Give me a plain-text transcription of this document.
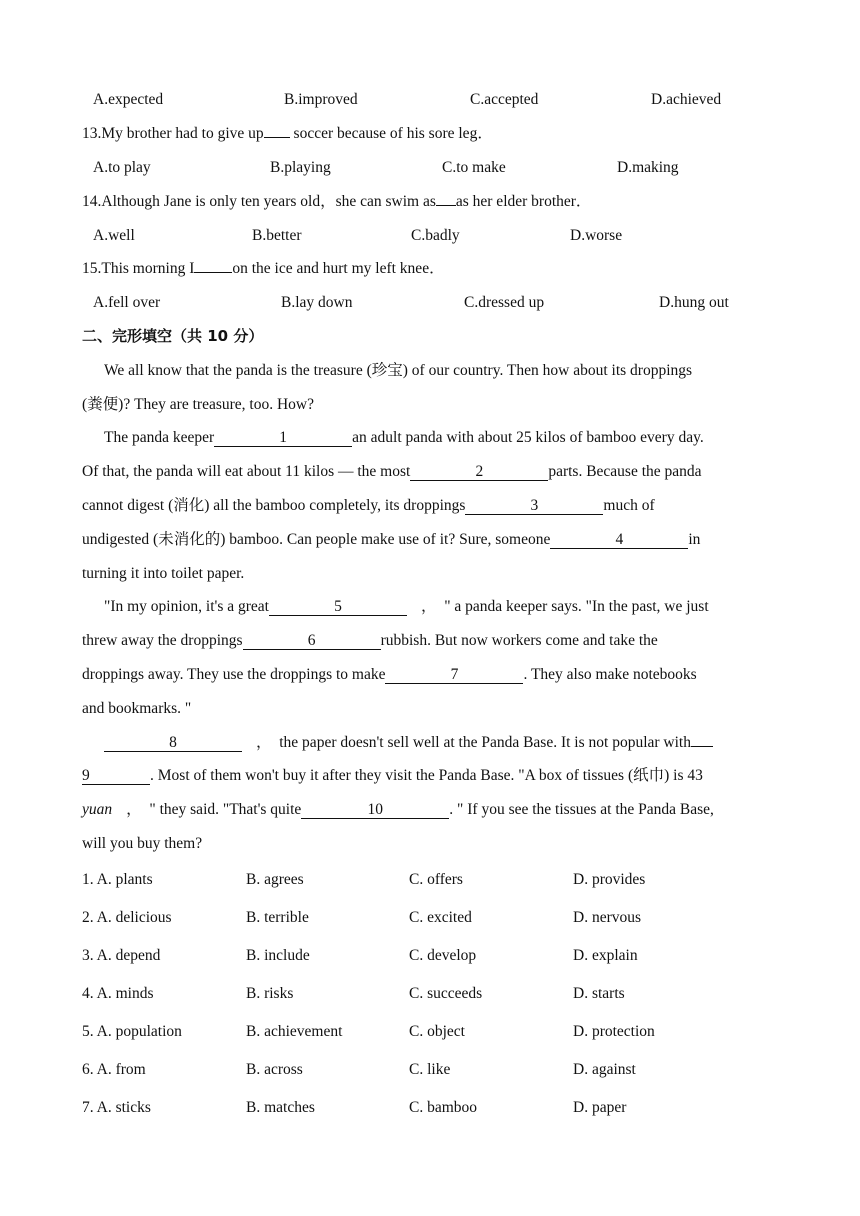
A.expected	B.improved	C.accepted	D.achieved
13.My brother had to give up soccer because of his sore leg．
A.to play	B.playing	C.to make	D.making
14.Although Jane is only ten years old，she can swim as as her elder brother．
A.well	B.better	C.badly	D.worse
15.This morning I on the ice and hurt my left knee．
A.fell over	B.lay down	C.dressed up	D.hung out
二、完形填空（共 10 分）
We all know that the panda is the treasure (珍宝) of our country. Then how about its droppings
(粪便)? They are treasure, too. How?
The panda keeper	1	an adult panda with about 25 kilos of bamboo every day.
Of that, the panda will eat about 11 kilos — the most	2	parts. Because the panda
cannot digest (消化) all the bamboo completely, its droppings	3	much of
undigested (未消化的) bamboo. Can people make use of it? Sure, someone	4	in
turning it into toilet paper.
"In my opinion, it's a great	5	，　" a panda keeper says. "In the past, we just
threw away the droppings	6	rubbish. But now workers come and take the
droppings away. They use the droppings to make	7	. They also make notebooks
and bookmarks. "
8	，　the paper doesn't sell well at the Panda Base. It is not popular with
9	. Most of them won't buy it after they visit the Panda Base. "A box of tissues (纸巾) is 43
yuan ，　" they said. "That's quite	10	. " If you see the tissues at the Panda Base,
will you buy them?
1. A. plants	B. agrees	C. offers	D. provides
2. A. delicious	B. terrible	C. excited	D. nervous
3. A. depend	B. include	C. develop	D. explain
4. A. minds	B. risks	C. succeeds	D. starts
5. A. population	B. achievement	C. object	D. protection
6. A. from	B. across	C. like	D. against
7. A. sticks	B. matches	C. bamboo	D. paper
